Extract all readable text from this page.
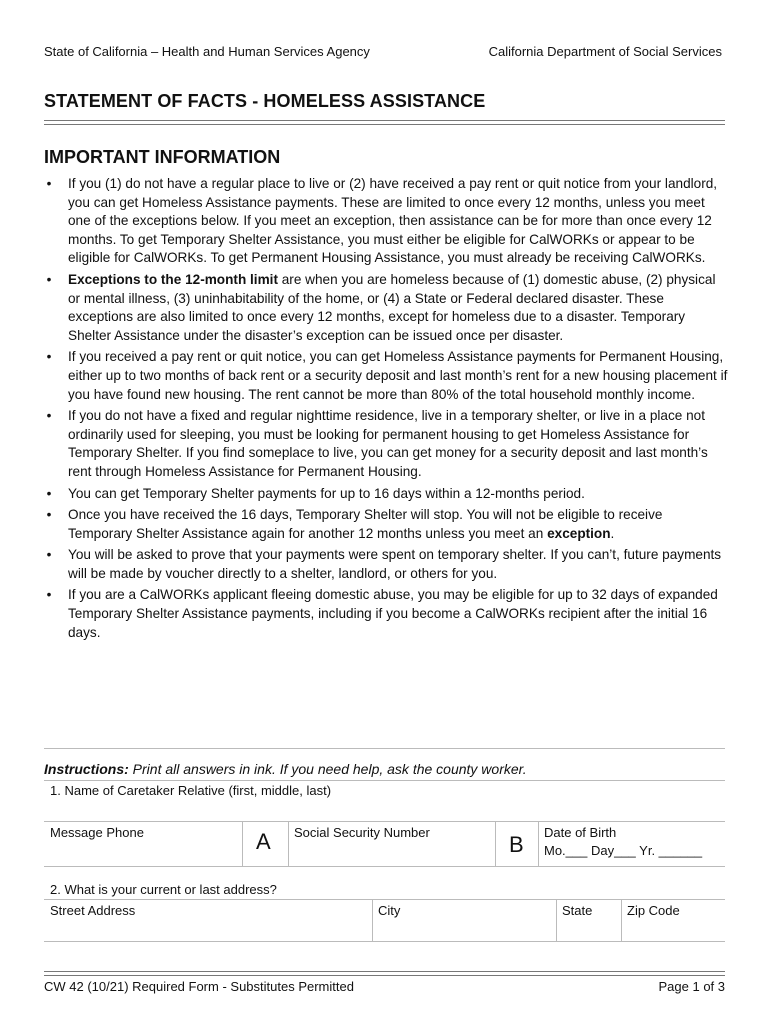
State of California – Health and Human Services Agency	California Department of Social Services
STATEMENT OF FACTS - HOMELESS ASSISTANCE
IMPORTANT INFORMATION
• If you (1) do not have a regular place to live or (2) have received a pay rent or quit notice from your landlord, you can get Homeless Assistance payments. These are limited to once every 12 months, unless you meet one of the exceptions below. If you meet an exception, then assistance can be for more than once every 12 months. To get Temporary Shelter Assistance, you must either be eligible for CalWORKs or appear to be eligible for CalWORKs. To get Permanent Housing Assistance, you must already be receiving CalWORKs.
• Exceptions to the 12-month limit are when you are homeless because of (1) domestic abuse, (2) physical or mental illness, (3) uninhabitability of the home, or (4) a State or Federal declared disaster. These exceptions are also limited to once every 12 months, except for homeless due to a disaster. Temporary Shelter Assistance under the disaster’s exception can be issued once per disaster.
• If you received a pay rent or quit notice, you can get Homeless Assistance payments for Permanent Housing, either up to two months of back rent or a security deposit and last month’s rent for a new housing placement if you have found new housing. The rent cannot be more than 80% of the total household monthly income.
• If you do not have a fixed and regular nighttime residence, live in a temporary shelter, or live in a place not ordinarily used for sleeping, you must be looking for permanent housing to get Homeless Assistance for Temporary Shelter. If you find someplace to live, you can get money for a security deposit and last month’s rent through Homeless Assistance for Permanent Housing.
• You can get Temporary Shelter payments for up to 16 days within a 12-months period.
• Once you have received the 16 days, Temporary Shelter will stop. You will not be eligible to receive Temporary Shelter Assistance again for another 12 months unless you meet an exception.
• You will be asked to prove that your payments were spent on temporary shelter. If you can’t, future payments will be made by voucher directly to a shelter, landlord, or others for you.
• If you are a CalWORKs applicant fleeing domestic abuse, you may be eligible for up to 32 days of expanded Temporary Shelter Assistance payments, including if you become a CalWORKs recipient after the initial 16 days.
Instructions: Print all answers in ink. If you need help, ask the county worker.
1. Name of Caretaker Relative (first, middle, last)
Message Phone	A Social Security Number	B Date of Birth
Mo.___ Day___ Yr. ______
2. What is your current or last address?
Street Address	City	State	Zip Code
CW 42 (10/21) Required Form - Substitutes Permitted	Page 1 of 3
